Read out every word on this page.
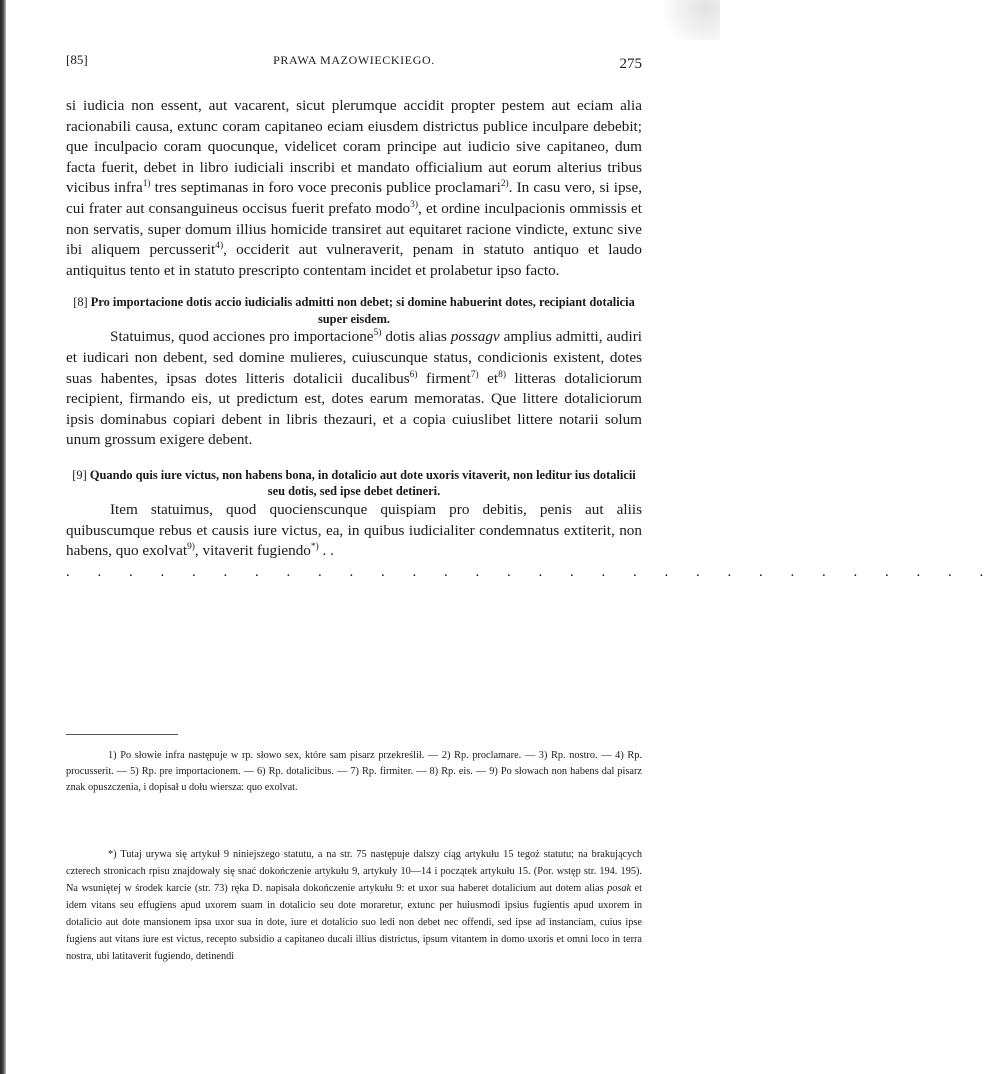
[85]	PRAWA MAZOWIECKIEGO.	275

si iudicia non essent, aut vacarent, sicut plerumque accidit propter pestem aut eciam alia racionabili causa, extunc coram capitaneo eciam eiusdem districtus publice inculpare debebit; que inculpacio coram quocunque, videlicet coram principe aut iudicio sive capitaneo, dum facta fuerit, debet in libro iudiciali inscribi et mandato officialium aut eorum alterius tribus vicibus infra$^{1)}$ tres septimanas in foro voce preconis publice proclamari$^{2)}$. In casu vero, si ipse, cui frater aut consanguineus occisus fuerit prefato modo$^{3)}$, et ordine inculpacionis ommissis et non servatis, super domum illius homicide transiret aut equitaret racione vindicte, extunc sive ibi aliquem percusserit$^{4)}$, occiderit aut vulneraverit, penam in statuto antiquo et laudo antiquitus tento et in statuto prescripto contentam incidet et prolabetur ipso facto.

[8] Pro importacione dotis accio iudicialis admitti non debet; si domine habuerint dotes, recipiant dotalicia super eisdem.

Statuimus, quod acciones pro importacione$^{5)}$ dotis alias possagv amplius admitti, audiri et iudicari non debent, sed domine mulieres, cuiuscunque status, condicionis existent, dotes suas habentes, ipsas dotes litteris dotalicii ducalibus$^{6)}$ firment$^{7)}$ $et^{8)}$ litteras dotaliciorum recipient, firmando eis, ut predictum est, dotes earum memoratas. Que littere dotaliciorum ipsis dominabus copiari debent in libris thezauri, et a copia cuiuslibet littere notarii solum unum grossum exigere debent.

[9] Quando quis iure victus, non habens bona, in dotalicio aut dote uxoris vitaverit, non leditur ius dotalicii seu dotis, sed ipse debet detineri.

Item statuimus, quod quocienscunque quispiam pro debitis, penis aut aliis quibuscumque rebus et causis iure victus, ea, in quibus iudicialiter condemnatus extiterit, non habens, quo exolvat$^{9)}$, vitaverit fugiendo*) . .

. . . . . . . . . . . . . . . . . . . . . . . . . . . . . .

1) Po słowie infra następuje w rp. słowo sex, które sam pisarz przekreślił. — 2) Rp. proclamare. — 3) Rp. nostro. — 4) Rp. procusserit. — 5) Rp. pre importacionem. — 6) Rp. dotalicibus. — 7) Rp. firmiter. — 8) Rp. eis. — 9) Po słowach non habens dal pisarz znak opuszczenia, i dopisał u dołu wiersza: quo exolvat.

*) Tutaj urywa się artykuł 9 niniejszego statutu, a na str. 75 następuje dalszy ciąg artykułu 15 tegoż statutu; na brakujących czterech stronicach rpisu znajdowały się snać dokończenie artykułu 9, artykuły 10—14 i początek artykułu 15. (Por. wstęp str. 194. 195). Na wsuniętej w środek karcie (str. 73) ręka D. napisała dokończenie artykułu 9: et uxor sua haberet dotalicium aut dotem alias posak et idem vitans seu effugiens apud uxorem suam in dotalicio seu dote moraretur, extunc per huiusmodi ipsius fugientis apud uxorem in dotalicio aut dote mansionem ipsa uxor sua in dote, iure et dotalicio suo ledi non debet nec offendi, sed ipse ad instanciam, cuius ipse fugiens aut vitans iure est victus, recepto subsidio a capitaneo ducali illius districtus, ipsum vitantem in domo uxoris et omni loco in terra nostra, ubi latitaverit fugiendo, detinendi
